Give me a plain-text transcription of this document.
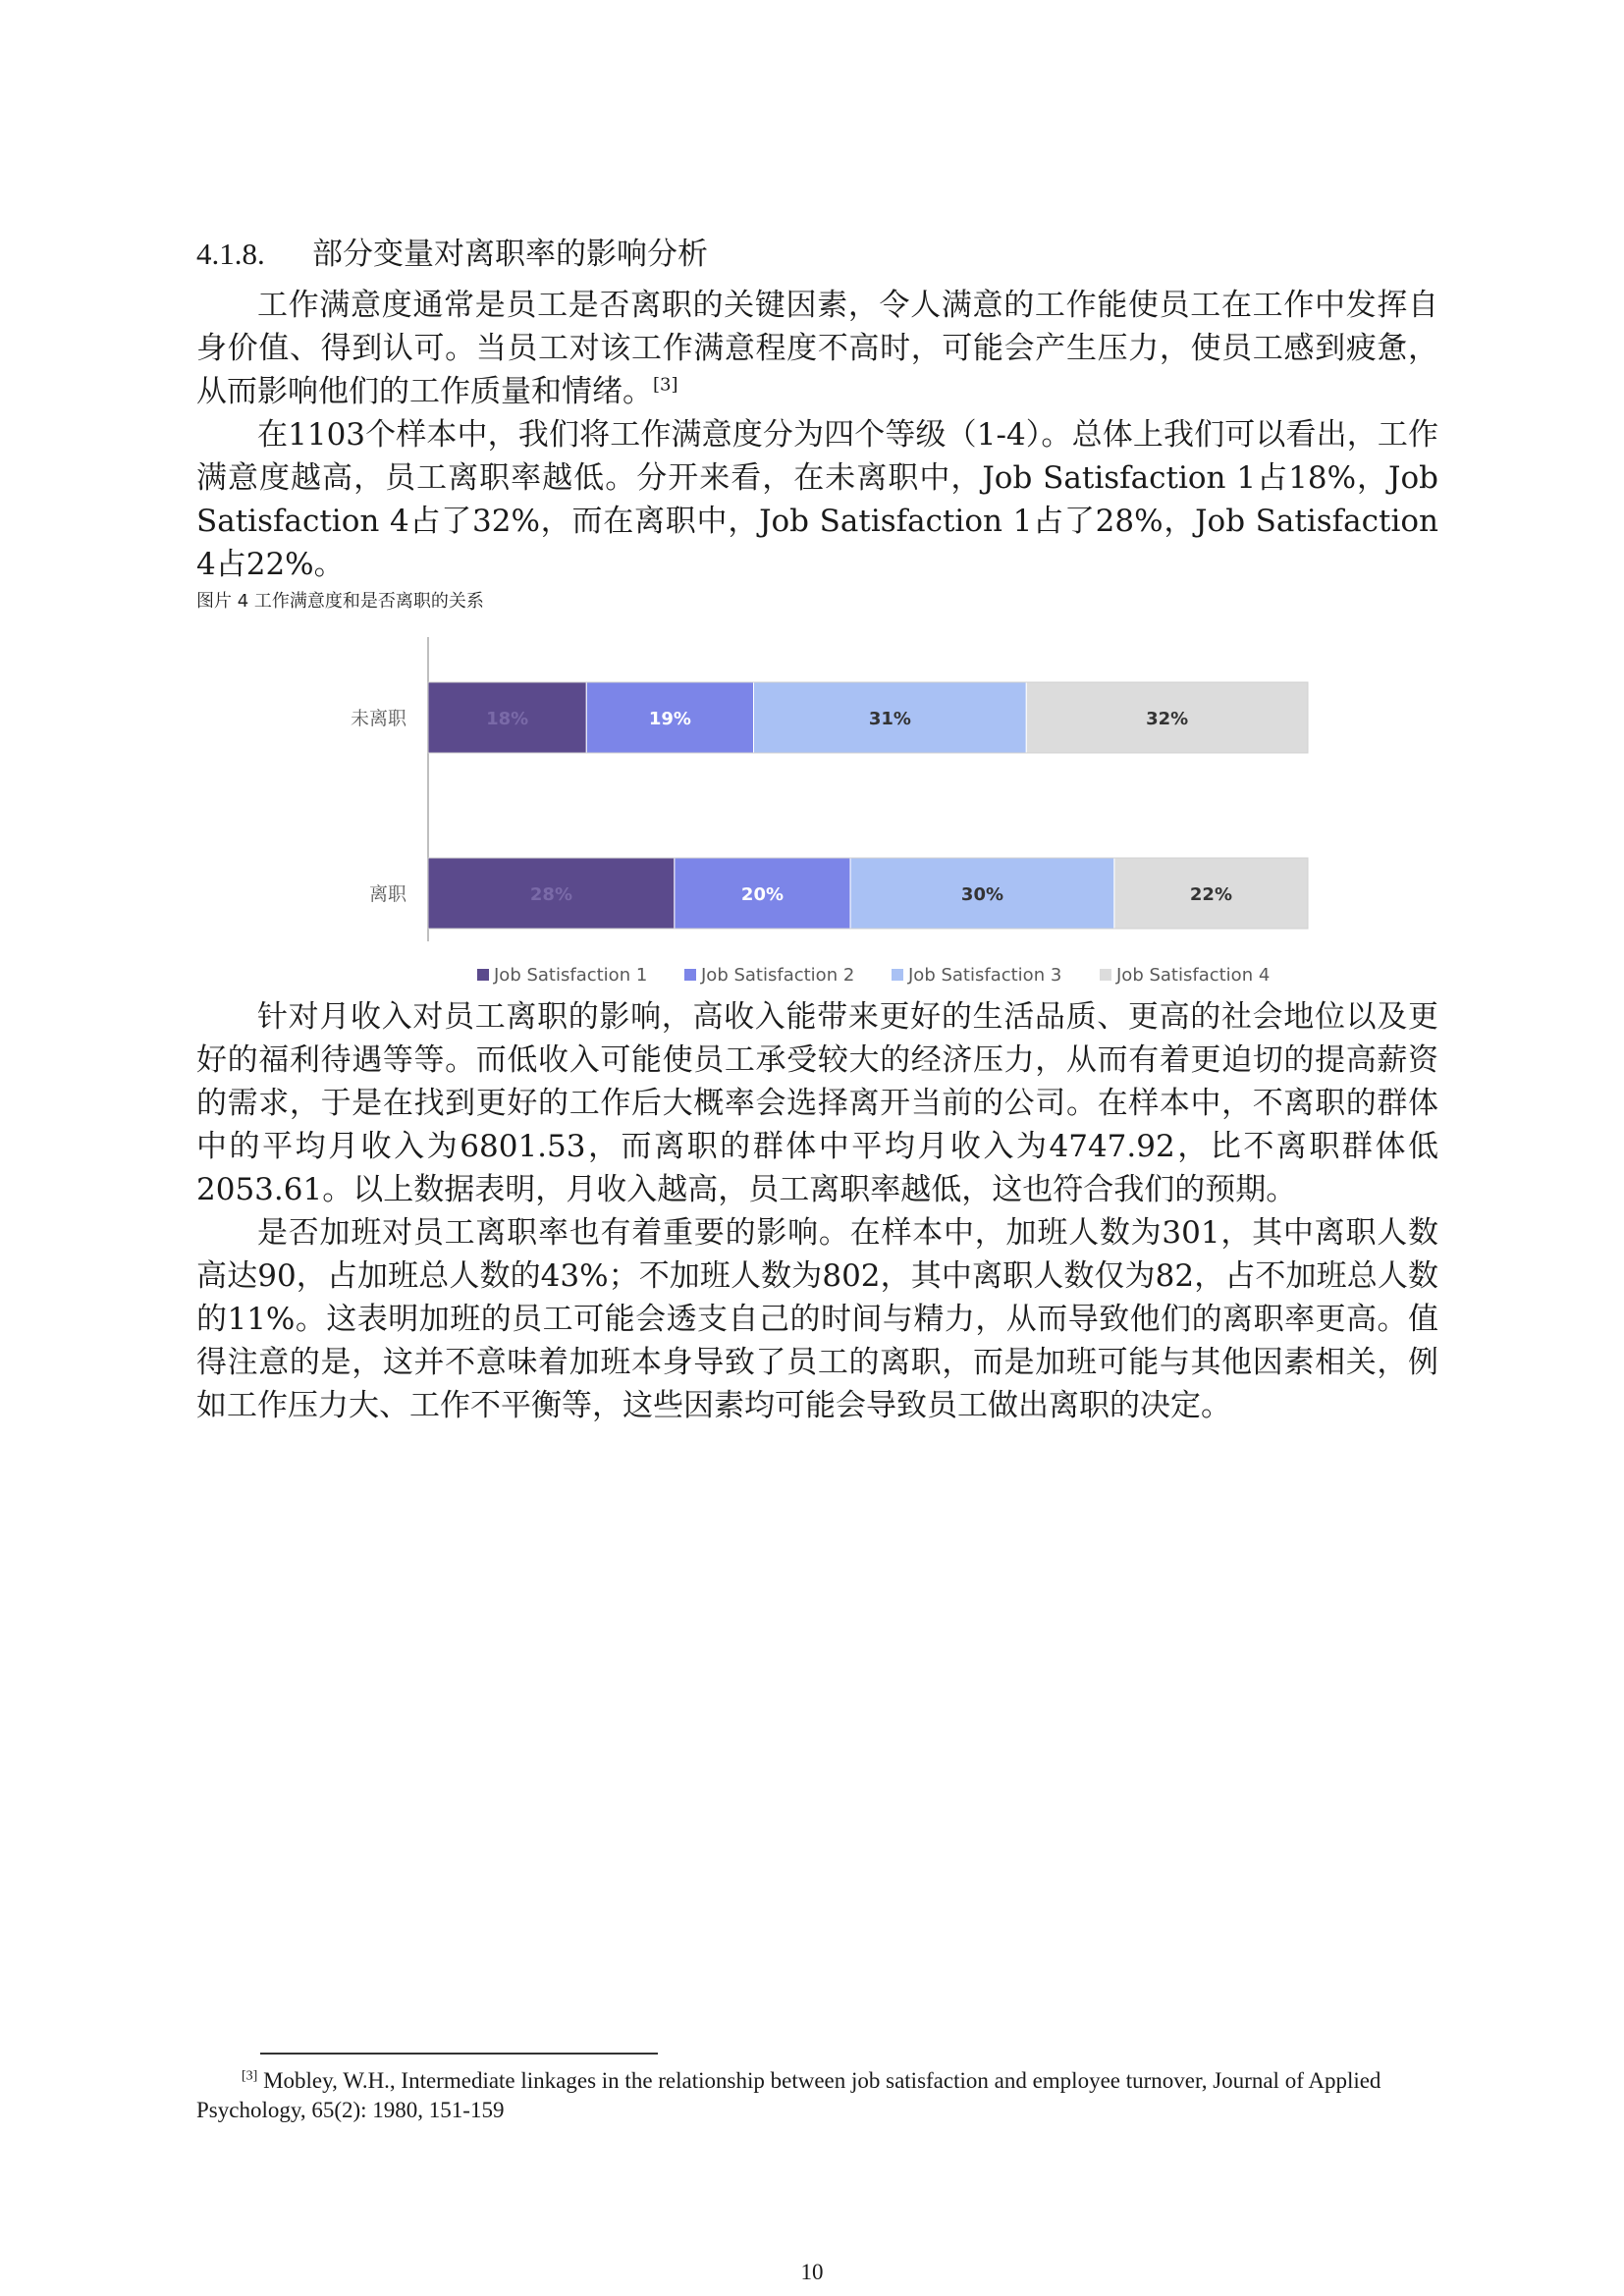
4.1.8.	部分变量对离职率的影响分析

工作满意度通常是员工是否离职的关键因素，令人满意的工作能使员工在工作中发挥自身价值、得到认可。当员工对该工作满意程度不高时，可能会产生压力，使员工感到疲惫，从而影响他们的工作质量和情绪。[3]

在1103个样本中，我们将工作满意度分为四个等级（1-4）。总体上我们可以看出，工作满意度越高，员工离职率越低。分开来看，在未离职中，Job Satisfaction 1占18%，Job Satisfaction 4占了32%，而在离职中，Job Satisfaction 1占了28%，Job Satisfaction 4占22%。

图片 4 工作满意度和是否离职的关系
未离职	18%	19%	31%	32%
离职	28%	20%	30%	22%
Job Satisfaction 1	Job Satisfaction 2	Job Satisfaction 3	Job Satisfaction 4

针对月收入对员工离职的影响，高收入能带来更好的生活品质、更高的社会地位以及更好的福利待遇等等。而低收入可能使员工承受较大的经济压力，从而有着更迫切的提高薪资的需求，于是在找到更好的工作后大概率会选择离开当前的公司。在样本中，不离职的群体中的平均月收入为6801.53，而离职的群体中平均月收入为4747.92，比不离职群体低2053.61。以上数据表明，月收入越高，员工离职率越低，这也符合我们的预期。

是否加班对员工离职率也有着重要的影响。在样本中，加班人数为301，其中离职人数高达90，占加班总人数的43%；不加班人数为802，其中离职人数仅为82，占不加班总人数的11%。这表明加班的员工可能会透支自己的时间与精力，从而导致他们的离职率更高。值得注意的是，这并不意味着加班本身导致了员工的离职，而是加班可能与其他因素相关，例如工作压力大、工作不平衡等，这些因素均可能会导致员工做出离职的决定。

[3] Mobley, W.H., Intermediate linkages in the relationship between job satisfaction and employee turnover, Journal of Applied Psychology, 65(2): 1980, 151-159
10
